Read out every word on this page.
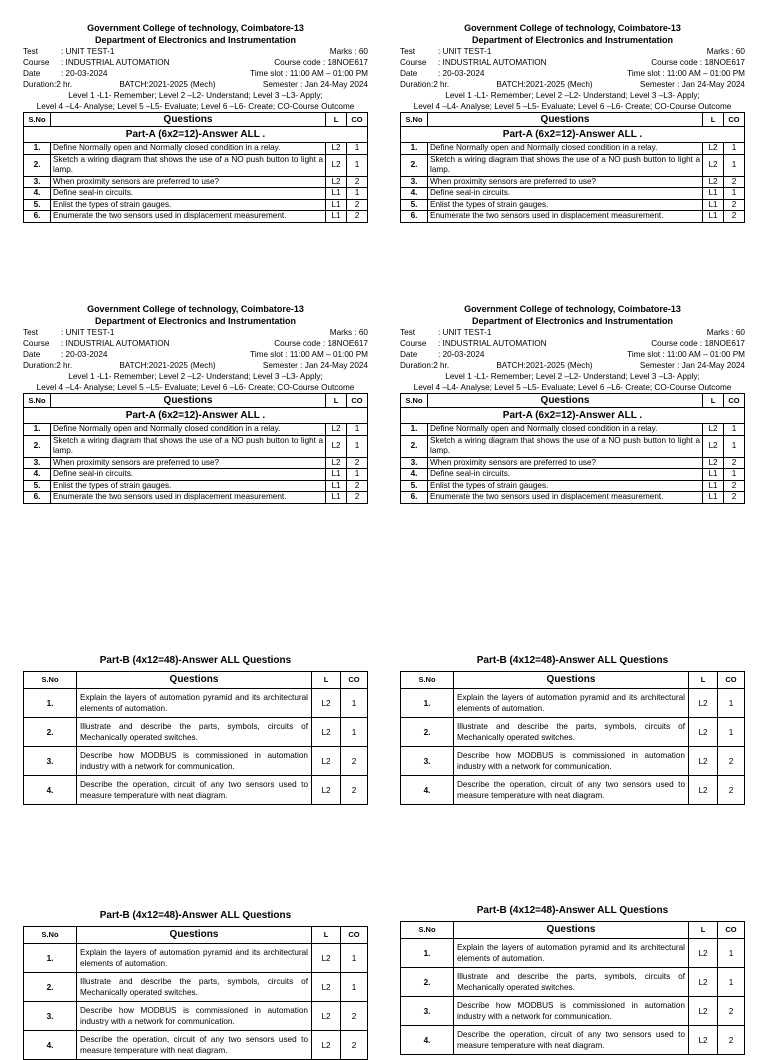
Government College of technology, Coimbatore-13
Department of Electronics and Instrumentation
Test	: UNIT TEST-1	Marks : 60
Course : INDUSTRIAL AUTOMATION	Course code : 18NOE617
Date	: 20-03-2024	Time slot : 11:00 AM – 01:00 PM
Duration:2 hr.	BATCH:2021-2025 (Mech)	Semester : Jan 24-May 2024
Level 1 -L1- Remember; Level 2 –L2- Understand; Level 3 –L3- Apply;
Level 4 –L4- Analyse; Level 5 –L5- Evaluate; Level 6 –L6- Create; CO-Course Outcome
S.No	Questions	L	CO
Part-A (6x2=12)-Answer ALL .			
1.	Define Normally open and Normally closed condition in a relay.	L2	1
2.	Sketch a wiring diagram that shows the use of a NO push button to light a lamp.	L2	1
3.	When proximity sensors are preferred to use?	L2	2
4.	Define seal-in circuits.	L1	1
5.	Enlist the types of strain gauges.	L1	2
6.	Enumerate the two sensors used in displacement measurement.	L1	2
Government College of technology, Coimbatore-13
Department of Electronics and Instrumentation
Test	: UNIT TEST-1	Marks : 60
Course : INDUSTRIAL AUTOMATION	Course code : 18NOE617
Date	: 20-03-2024	Time slot : 11:00 AM – 01:00 PM
Duration:2 hr.	BATCH:2021-2025 (Mech)	Semester : Jan 24-May 2024
Level 1 -L1- Remember; Level 2 –L2- Understand; Level 3 –L3- Apply;
Level 4 –L4- Analyse; Level 5 –L5- Evaluate; Level 6 –L6- Create; CO-Course Outcome
S.No	Questions	L	CO
Part-A (6x2=12)-Answer ALL .			
1.	Define Normally open and Normally closed condition in a relay.	L2	1
2.	Sketch a wiring diagram that shows the use of a NO push button to light a lamp.	L2	1
3.	When proximity sensors are preferred to use?	L2	2
4.	Define seal-in circuits.	L1	1
5.	Enlist the types of strain gauges.	L1	2
6.	Enumerate the two sensors used in displacement measurement.	L1	2
Government College of technology, Coimbatore-13
Department of Electronics and Instrumentation
Test	: UNIT TEST-1	Marks : 60
Course : INDUSTRIAL AUTOMATION	Course code : 18NOE617
Date	: 20-03-2024	Time slot : 11:00 AM – 01:00 PM
Duration:2 hr.	BATCH:2021-2025 (Mech)	Semester : Jan 24-May 2024
Level 1 -L1- Remember; Level 2 –L2- Understand; Level 3 –L3- Apply;
Level 4 –L4- Analyse; Level 5 –L5- Evaluate; Level 6 –L6- Create; CO-Course Outcome
S.No	Questions	L	CO
Part-A (6x2=12)-Answer ALL .			
1.	Define Normally open and Normally closed condition in a relay.	L2	1
2.	Sketch a wiring diagram that shows the use of a NO push button to light a lamp.	L2	1
3.	When proximity sensors are preferred to use?	L2	2
4.	Define seal-in circuits.	L1	1
5.	Enlist the types of strain gauges.	L1	2
6.	Enumerate the two sensors used in displacement measurement.	L1	2
Government College of technology, Coimbatore-13
Department of Electronics and Instrumentation
Test	: UNIT TEST-1	Marks : 60
Course : INDUSTRIAL AUTOMATION	Course code : 18NOE617
Date	: 20-03-2024	Time slot : 11:00 AM – 01:00 PM
Duration:2 hr.	BATCH:2021-2025 (Mech)	Semester : Jan 24-May 2024
Level 1 -L1- Remember; Level 2 –L2- Understand; Level 3 –L3- Apply;
Level 4 –L4- Analyse; Level 5 –L5- Evaluate; Level 6 –L6- Create; CO-Course Outcome
S.No	Questions	L	CO
Part-A (6x2=12)-Answer ALL .			
1.	Define Normally open and Normally closed condition in a relay.	L2	1
2.	Sketch a wiring diagram that shows the use of a NO push button to light a lamp.	L2	1
3.	When proximity sensors are preferred to use?	L2	2
4.	Define seal-in circuits.	L1	1
5.	Enlist the types of strain gauges.	L1	2
6.	Enumerate the two sensors used in displacement measurement.	L1	2
Part-B (4x12=48)-Answer ALL Questions
S.No	Questions	L	CO
1.	Explain the layers of automation pyramid and its architectural elements of automation.	L2	1
2.	Illustrate and describe the parts, symbols, circuits of Mechanically operated switches.	L2	1
3.	Describe how MODBUS is commissioned in automation industry with a network for communication.	L2	2
4.	Describe the operation, circuit of any two sensors used to measure temperature with neat diagram.	L2	2
Part-B (4x12=48)-Answer ALL Questions
S.No	Questions	L	CO
1.	Explain the layers of automation pyramid and its architectural elements of automation.	L2	1
2.	Illustrate and describe the parts, symbols, circuits of Mechanically operated switches.	L2	1
3.	Describe how MODBUS is commissioned in automation industry with a network for communication.	L2	2
4.	Describe the operation, circuit of any two sensors used to measure temperature with neat diagram.	L2	2
Part-B (4x12=48)-Answer ALL Questions
S.No	Questions	L	CO
1.	Explain the layers of automation pyramid and its architectural elements of automation.	L2	1
2.	Illustrate and describe the parts, symbols, circuits of Mechanically operated switches.	L2	1
3.	Describe how MODBUS is commissioned in automation industry with a network for communication.	L2	2
4.	Describe the operation, circuit of any two sensors used to measure temperature with neat diagram.	L2	2
Part-B (4x12=48)-Answer ALL Questions
S.No	Questions	L	CO
1.	Explain the layers of automation pyramid and its architectural elements of automation.	L2	1
2.	Illustrate and describe the parts, symbols, circuits of Mechanically operated switches.	L2	1
3.	Describe how MODBUS is commissioned in automation industry with a network for communication.	L2	2
4.	Describe the operation, circuit of any two sensors used to measure temperature with neat diagram.	L2	2
